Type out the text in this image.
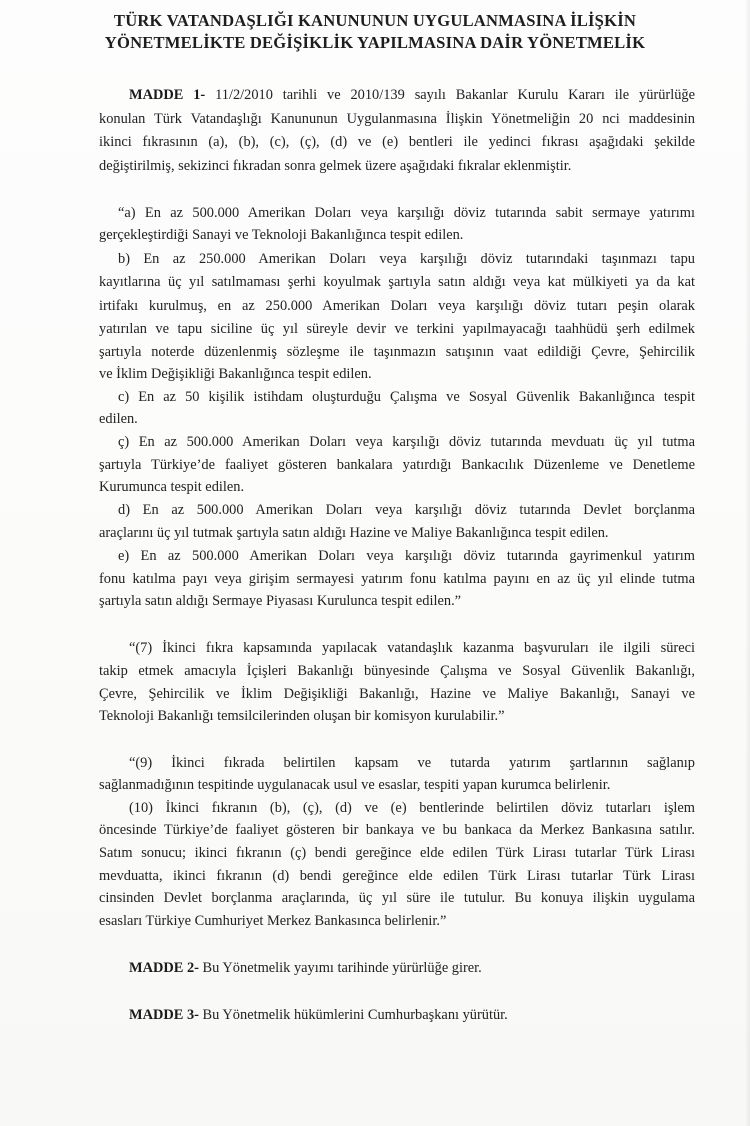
TÜRK VATANDAŞLIĞI KANUNUNUN UYGULANMASINA İLİŞKİN
YÖNETMELİKTE DEĞİŞİKLİK YAPILMASINA DAİR YÖNETMELİK
MADDE 1- 11/2/2010 tarihli ve 2010/139 sayılı Bakanlar Kurulu Kararı ile yürürlüğe
konulan Türk Vatandaşlığı Kanununun Uygulanmasına İlişkin Yönetmeliğin 20 nci maddesinin
ikinci fıkrasının (a), (b), (c), (ç), (d) ve (e) bentleri ile yedinci fıkrası aşağıdaki şekilde
değiştirilmiş, sekizinci fıkradan sonra gelmek üzere aşağıdaki fıkralar eklenmiştir.
“a) En az 500.000 Amerikan Doları veya karşılığı döviz tutarında sabit sermaye yatırımı
gerçekleştirdiği Sanayi ve Teknoloji Bakanlığınca tespit edilen.
b) En az 250.000 Amerikan Doları veya karşılığı döviz tutarındaki taşınmazı tapu
kayıtlarına üç yıl satılmaması şerhi koyulmak şartıyla satın aldığı veya kat mülkiyeti ya da kat
irtifakı kurulmuş, en az 250.000 Amerikan Doları veya karşılığı döviz tutarı peşin olarak
yatırılan ve tapu siciline üç yıl süreyle devir ve terkini yapılmayacağı taahhüdü şerh edilmek
şartıyla noterde düzenlenmiş sözleşme ile taşınmazın satışının vaat edildiği Çevre, Şehircilik
ve İklim Değişikliği Bakanlığınca tespit edilen.
c) En az 50 kişilik istihdam oluşturduğu Çalışma ve Sosyal Güvenlik Bakanlığınca tespit
edilen.
ç) En az 500.000 Amerikan Doları veya karşılığı döviz tutarında mevduatı üç yıl tutma
şartıyla Türkiye’de faaliyet gösteren bankalara yatırdığı Bankacılık Düzenleme ve Denetleme
Kurumunca tespit edilen.
d) En az 500.000 Amerikan Doları veya karşılığı döviz tutarında Devlet borçlanma
araçlarını üç yıl tutmak şartıyla satın aldığı Hazine ve Maliye Bakanlığınca tespit edilen.
e) En az 500.000 Amerikan Doları veya karşılığı döviz tutarında gayrimenkul yatırım
fonu katılma payı veya girişim sermayesi yatırım fonu katılma payını en az üç yıl elinde tutma
şartıyla satın aldığı Sermaye Piyasası Kurulunca tespit edilen.”
“(7) İkinci fıkra kapsamında yapılacak vatandaşlık kazanma başvuruları ile ilgili süreci
takip etmek amacıyla İçişleri Bakanlığı bünyesinde Çalışma ve Sosyal Güvenlik Bakanlığı,
Çevre, Şehircilik ve İklim Değişikliği Bakanlığı, Hazine ve Maliye Bakanlığı, Sanayi ve
Teknoloji Bakanlığı temsilcilerinden oluşan bir komisyon kurulabilir.”
“(9) İkinci fıkrada belirtilen kapsam ve tutarda yatırım şartlarının sağlanıp
sağlanmadığının tespitinde uygulanacak usul ve esaslar, tespiti yapan kurumca belirlenir.
(10) İkinci fıkranın (b), (ç), (d) ve (e) bentlerinde belirtilen döviz tutarları işlem
öncesinde Türkiye’de faaliyet gösteren bir bankaya ve bu bankaca da Merkez Bankasına satılır.
Satım sonucu; ikinci fıkranın (ç) bendi gereğince elde edilen Türk Lirası tutarlar Türk Lirası
mevduatta, ikinci fıkranın (d) bendi gereğince elde edilen Türk Lirası tutarlar Türk Lirası
cinsinden Devlet borçlanma araçlarında, üç yıl süre ile tutulur. Bu konuya ilişkin uygulama
esasları Türkiye Cumhuriyet Merkez Bankasınca belirlenir.”
MADDE 2- Bu Yönetmelik yayımı tarihinde yürürlüğe girer.
MADDE 3- Bu Yönetmelik hükümlerini Cumhurbaşkanı yürütür.
